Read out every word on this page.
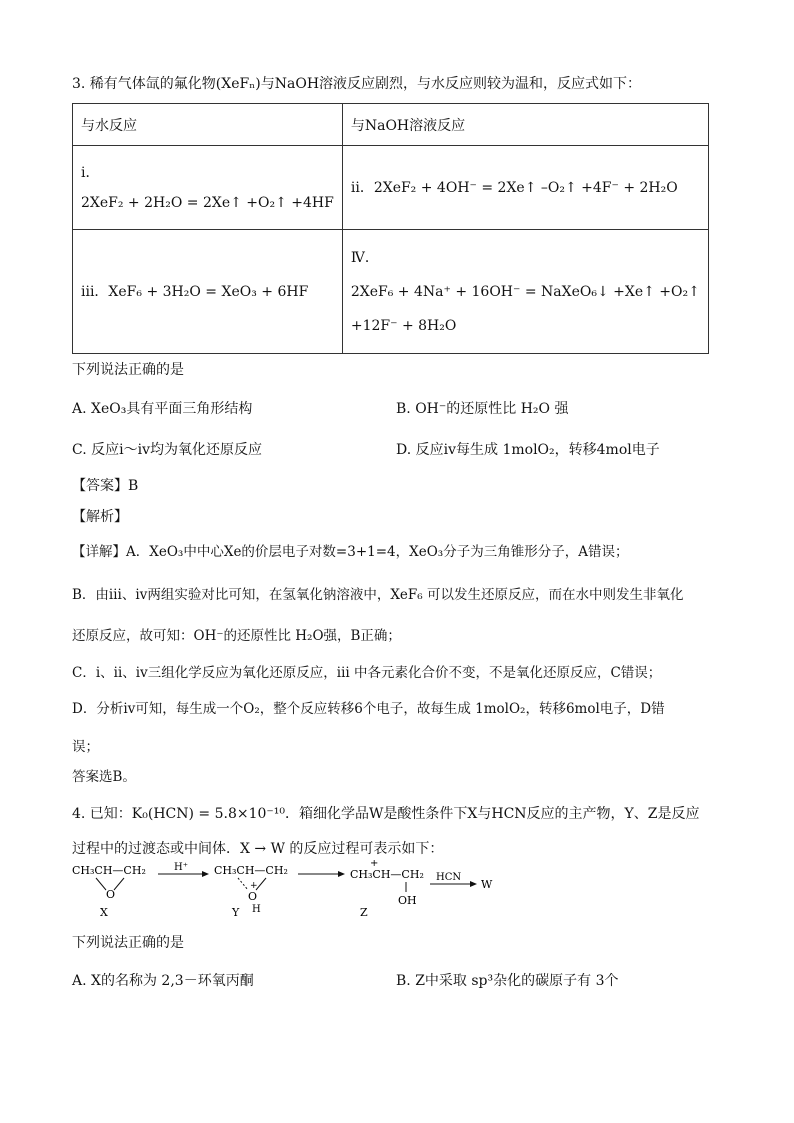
3. 稀有气体氙的氟化物(XeFₙ)与NaOH溶液反应剧烈，与水反应则较为温和，反应式如下：
与水反应	与NaOH溶液反应

i．
2XeF₂ + 2H₂O = 2Xe↑ +O₂↑ +4HF	ii．2XeF₂ + 4OH⁻ = 2Xe↑ –O₂↑ +4F⁻ + 2H₂O

iii．XeF₆ + 3H₂O = XeO₃ + 6HF	Ⅳ．
2XeF₆ + 4Na⁺ + 16OH⁻ = NaXeO₆↓ +Xe↑ +O₂↑
+12F⁻ + 8H₂O
下列说法正确的是
A. XeO₃具有平面三角形结构	B. OH⁻的还原性比 H₂O 强
C. 反应ⅰ～ⅳ均为氧化还原反应	D. 反应ⅳ每生成 1molO₂，转移4mol电子
【答案】B
【解析】
【详解】A．XeO₃中中心Xe的价层电子对数=3+1=4，XeO₃分子为三角锥形分子，A错误；
B．由ⅲ、ⅳ两组实验对比可知，在氢氧化钠溶液中，XeF₆ 可以发生还原反应，而在水中则发生非氧化
还原反应，故可知：OH⁻的还原性比 H₂O强，B正确；
C．ⅰ、ⅱ、ⅳ三组化学反应为氧化还原反应，ⅲ 中各元素化合价不变，不是氧化还原反应，C错误；
D．分析ⅳ可知，每生成一个O₂，整个反应转移6个电子，故每生成 1molO₂，转移6mol电子，D错
误；
答案选B。
4. 已知：K₀(HCN) = 5.8×10⁻¹⁰．箱细化学品W是酸性条件下X与HCN反应的主产物，Y、Z是反应
过程中的过渡态或中间体．X → W 的反应过程可表示如下：
CH₃CH—CH₂
O
X
H⁺ CH₃CH—CH₂
+
O
H
Y
+
CH₃CH—CH₂
OH
Z
HCN
W
下列说法正确的是
A. X的名称为 2,3－环氧丙酮	B. Z中采取 sp³杂化的碳原子有 3个
